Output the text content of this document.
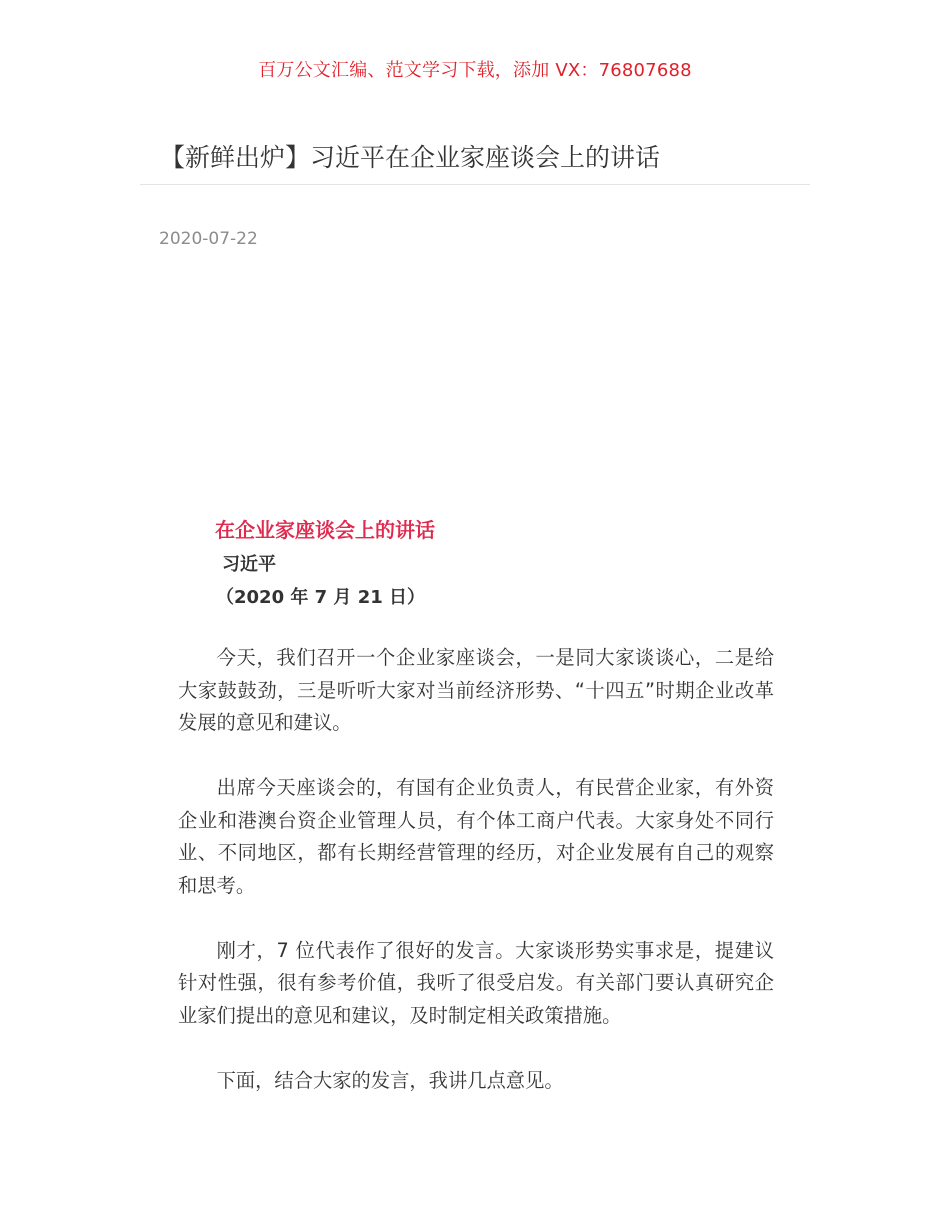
百万公文汇编、范文学习下载，添加 VX：76807688
【新鲜出炉】习近平在企业家座谈会上的讲话
2020-07-22
在企业家座谈会上的讲话
习近平
（2020 年 7 月 21 日）

今天，我们召开一个企业家座谈会，一是同大家谈谈心，二是给大家鼓鼓劲，三是听听大家对当前经济形势、“十四五”时期企业改革发展的意见和建议。

出席今天座谈会的，有国有企业负责人，有民营企业家，有外资企业和港澳台资企业管理人员，有个体工商户代表。大家身处不同行业、不同地区，都有长期经营管理的经历，对企业发展有自己的观察和思考。

刚才，7 位代表作了很好的发言。大家谈形势实事求是，提建议针对性强，很有参考价值，我听了很受启发。有关部门要认真研究企业家们提出的意见和建议，及时制定相关政策措施。

下面，结合大家的发言，我讲几点意见。
